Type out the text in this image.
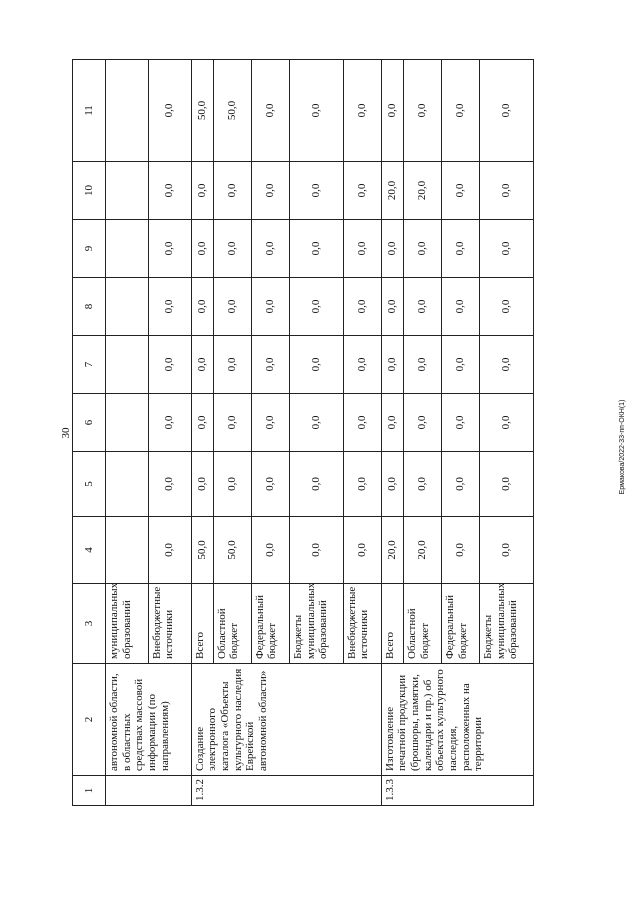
30	Ермакова/2022-33-пп-ОКН(1)
1	2	3	4	5	6	7	8	9	10	11
	автономной области, в областных средствах массовой информации (по направлениям)	муниципальных образований								
		Внебюджетные источники	0,0	0,0	0,0	0,0	0,0	0,0	0,0	0,0
1.3.2	Создание электронного каталога «Объекты культурного наследия Еврейской автономной области»	Всего	50,0	0,0	0,0	0,0	0,0	0,0	0,0	50,0
		Областной бюджет	50,0	0,0	0,0	0,0	0,0	0,0	0,0	50,0
		Федеральный бюджет	0,0	0,0	0,0	0,0	0,0	0,0	0,0	0,0
		Бюджеты муниципальных образований	0,0	0,0	0,0	0,0	0,0	0,0	0,0	0,0
		Внебюджетные источники	0,0	0,0	0,0	0,0	0,0	0,0	0,0	0,0
1.3.3	Изготовление печатной продукции (брошюры, памятки, календари и пр.) об объектах культурного наследия, расположенных на территории	Всего	20,0	0,0	0,0	0,0	0,0	0,0	20,0	0,0
		Областной бюджет	20,0	0,0	0,0	0,0	0,0	0,0	20,0	0,0
		Федеральный бюджет	0,0	0,0	0,0	0,0	0,0	0,0	0,0	0,0
		Бюджеты муниципальных образований	0,0	0,0	0,0	0,0	0,0	0,0	0,0	0,0
